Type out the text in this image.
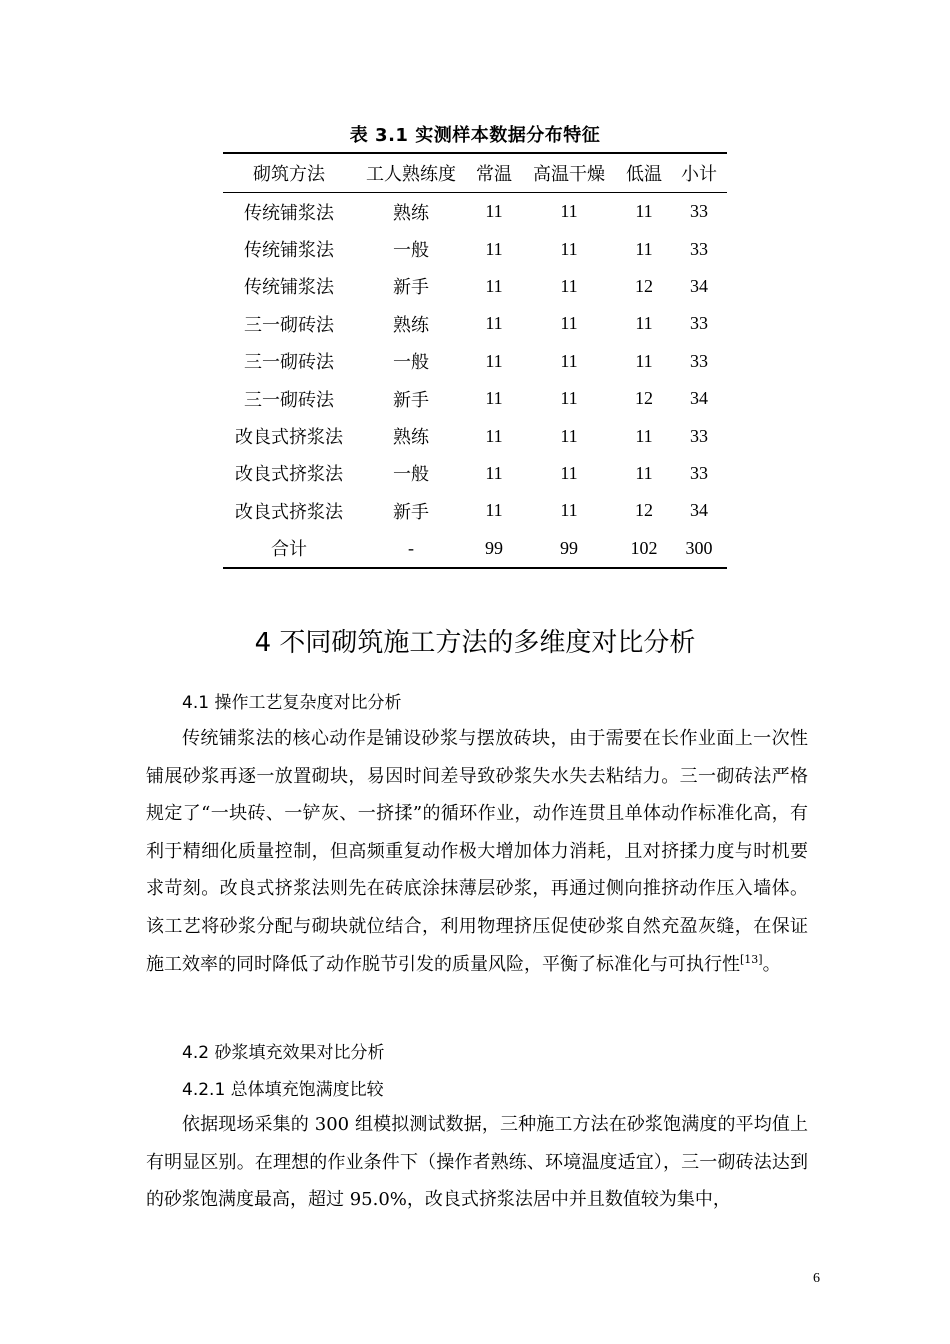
表 3.1 实测样本数据分布特征
砌筑方法	工人熟练度	常温	高温干燥	低温	小计
传统铺浆法	熟练	11	11	11	33
传统铺浆法	一般	11	11	11	33
传统铺浆法	新手	11	11	12	34
三一砌砖法	熟练	11	11	11	33
三一砌砖法	一般	11	11	11	33
三一砌砖法	新手	11	11	12	34
改良式挤浆法	熟练	11	11	11	33
改良式挤浆法	一般	11	11	11	33
改良式挤浆法	新手	11	11	12	34
合计	-	99	99	102	300
4 不同砌筑施工方法的多维度对比分析
4.1 操作工艺复杂度对比分析

传统铺浆法的核心动作是铺设砂浆与摆放砖块，由于需要在长作业面上一次性铺展砂浆再逐一放置砌块，易因时间差导致砂浆失水失去粘结力。三一砌砖法严格规定了“一块砖、一铲灰、一挤揉”的循环作业，动作连贯且单体动作标准化高，有利于精细化质量控制，但高频重复动作极大增加体力消耗，且对挤揉力度与时机要求苛刻。改良式挤浆法则先在砖底涂抹薄层砂浆，再通过侧向推挤动作压入墙体。该工艺将砂浆分配与砌块就位结合，利用物理挤压促使砂浆自然充盈灰缝，在保证施工效率的同时降低了动作脱节引发的质量风险，平衡了标准化与可执行性[13]。

4.2 砂浆填充效果对比分析
4.2.1 总体填充饱满度比较

依据现场采集的 300 组模拟测试数据，三种施工方法在砂浆饱满度的平均值上有明显区别。在理想的作业条件下（操作者熟练、环境温度适宜），三一砌砖法达到的砂浆饱满度最高，超过 95.0%，改良式挤浆法居中并且数值较为集中，

6
